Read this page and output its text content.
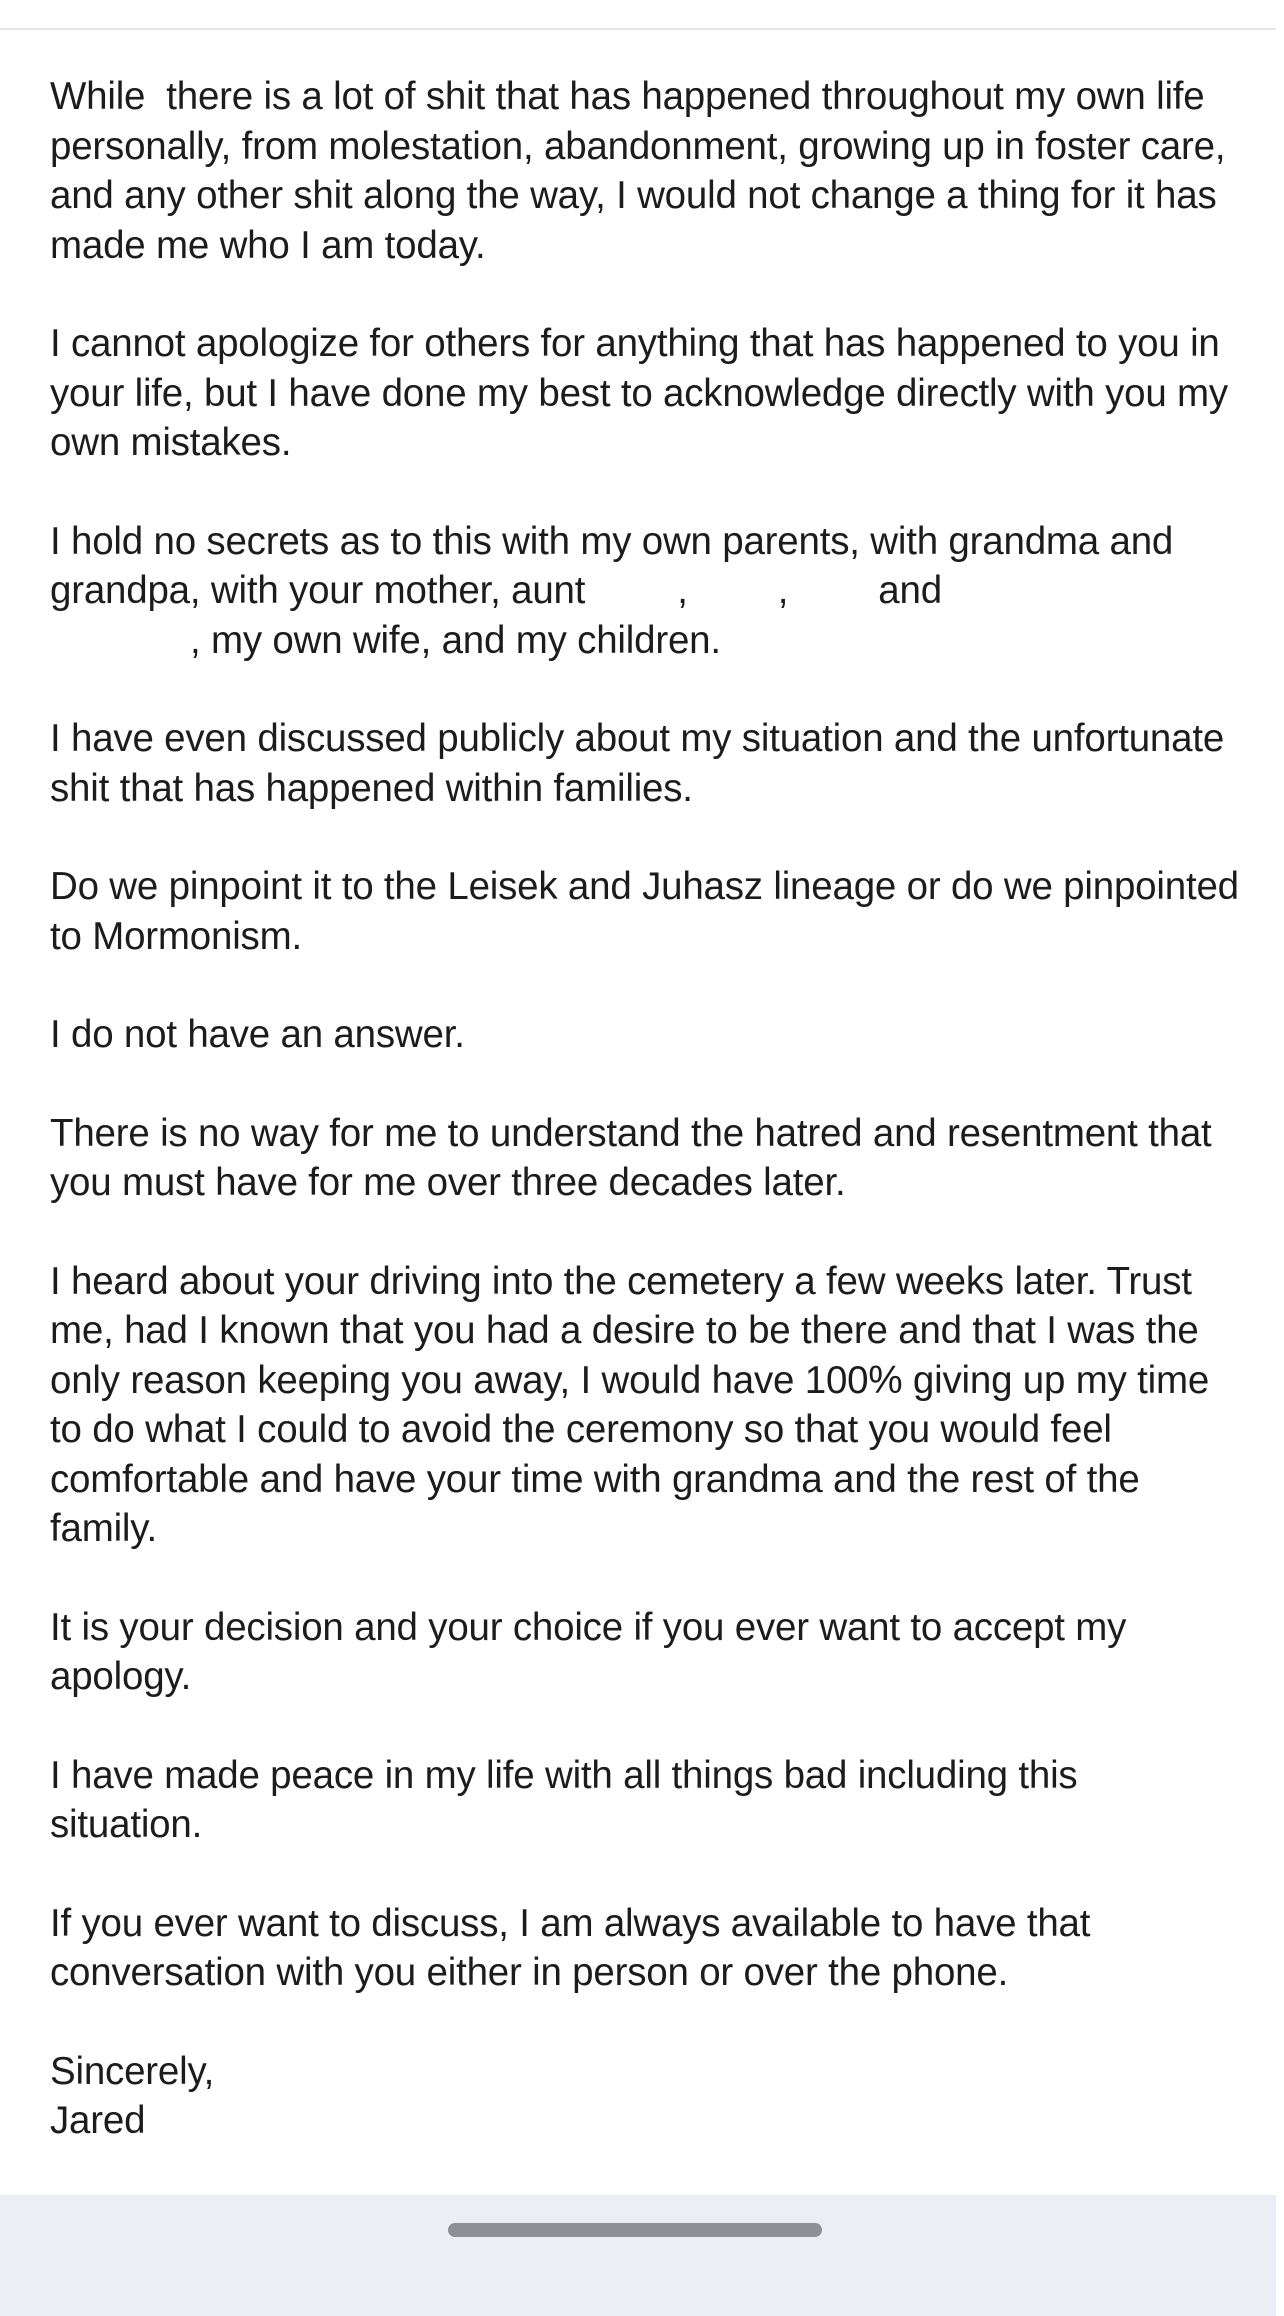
While  there is a lot of shit that has happened throughout my own life personally, from molestation, abandonment, growing up in foster care, and any other shit along the way, I would not change a thing for it has made me who I am today.

I cannot apologize for others for anything that has happened to you in your life, but I have done my best to acknowledge directly with you my own mistakes.

I hold no secrets as to this with my own parents, with grandma and grandpa, with your mother, aunt , , and
, my own wife, and my children.

I have even discussed publicly about my situation and the unfortunate shit that has happened within families.

Do we pinpoint it to the Leisek and Juhasz lineage or do we pinpointed to Mormonism.

I do not have an answer.

There is no way for me to understand the hatred and resentment that you must have for me over three decades later.

I heard about your driving into the cemetery a few weeks later. Trust me, had I known that you had a desire to be there and that I was the only reason keeping you away, I would have 100% giving up my time to do what I could to avoid the ceremony so that you would feel comfortable and have your time with grandma and the rest of the family.

It is your decision and your choice if you ever want to accept my apology.

I have made peace in my life with all things bad including this situation.

If you ever want to discuss, I am always available to have that conversation with you either in person or over the phone.

Sincerely,
Jared
